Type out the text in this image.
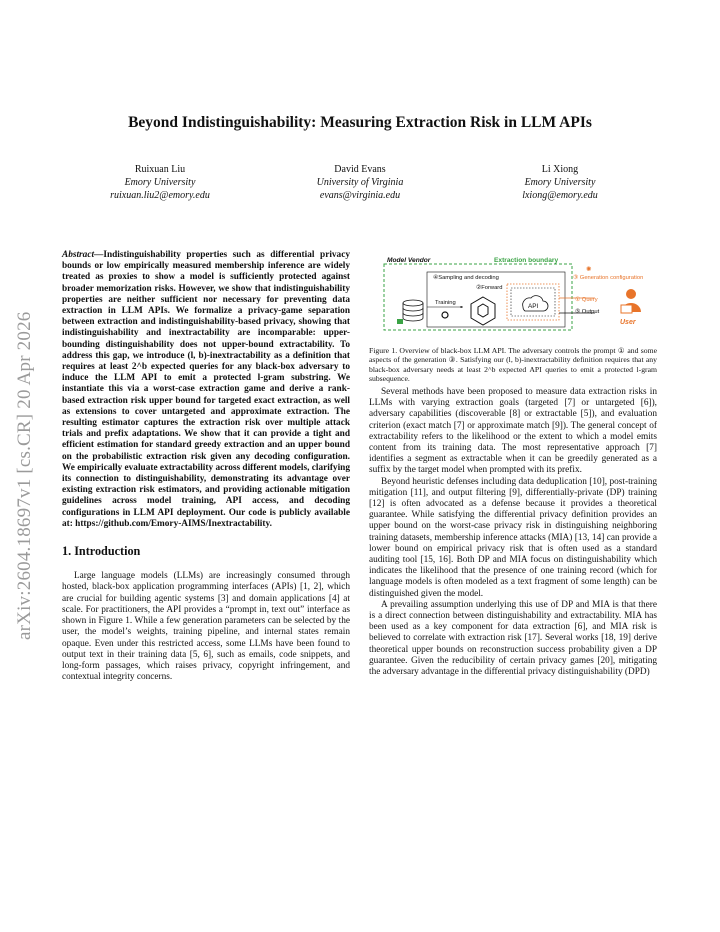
arXiv:2604.18697v1 [cs.CR] 20 Apr 2026
Beyond Indistinguishability: Measuring Extraction Risk in LLM APIs
Ruixuan Liu
Emory University
ruixuan.liu2@emory.edu
David Evans
University of Virginia
evans@virginia.edu
Li Xiong
Emory University
lxiong@emory.edu
Abstract—Indistinguishability properties such as differential privacy bounds or low empirically measured membership inference are widely treated as proxies to show a model is sufficiently protected against broader memorization risks. However, we show that indistinguishability properties are neither sufficient nor necessary for preventing data extraction in LLM APIs. We formalize a privacy-game separation between extraction and indistinguishability-based privacy, showing that indistinguishability and inextractability are incomparable: upper-bounding distinguishability does not upper-bound extractability. To address this gap, we introduce (l, b)-inextractability as a definition that requires at least 2^b expected queries for any black-box adversary to induce the LLM API to emit a protected l-gram substring. We instantiate this via a worst-case extraction game and derive a rank-based extraction risk upper bound for targeted exact extraction, as well as extensions to cover untargeted and approximate extraction. The resulting estimator captures the extraction risk over multiple attack trials and prefix adaptations. We show that it can provide a tight and efficient estimation for standard greedy extraction and an upper bound on the probabilistic extraction risk given any decoding configuration. We empirically evaluate extractability across different models, clarifying its connection to distinguishability, demonstrating its advantage over existing extraction risk estimators, and providing actionable mitigation guidelines across model training, API access, and decoding configurations in LLM API deployment. Our code is publicly available at: https://github.com/Emory-AIMS/Inextractability.
1. Introduction

Large language models (LLMs) are increasingly consumed through hosted, black-box application programming interfaces (APIs) [1, 2], which are crucial for building agentic systems [3] and domain applications [4] at scale. For practitioners, the API provides a “prompt in, text out” interface as shown in Figure 1. While a few generation parameters can be selected by the user, the model’s weights, training pipeline, and internal states remain opaque. Even under this restricted access, some LLMs have been found to output text in their training data [5, 6], such as emails, code snippets, and long-form passages, which raises privacy, copyright infringement, and contextual integrity concerns.

Model Vendor	Extraction boundary
④Sampling and decoding
②Forward
Training	API
✺
③ Generation configuration
① Query
⑤ Output
User
Figure 1. Overview of black-box LLM API. The adversary controls the prompt ① and some aspects of the generation ③. Satisfying our (l, b)-inextractability definition requires that any black-box adversary needs at least 2^b expected API queries to emit a protected l-gram subsequence.

Several methods have been proposed to measure data extraction risks in LLMs with varying extraction goals (targeted [7] or untargeted [6]), adversary capabilities (discoverable [8] or extractable [5]), and evaluation criterion (exact match [7] or approximate match [9]). The general concept of extractability refers to the likelihood or the extent to which a model emits content from its training data. The most representative approach [7] identifies a segment as extractable when it can be greedily generated as a suffix by the target model when prompted with its prefix.

Beyond heuristic defenses including data deduplication [10], post-training mitigation [11], and output filtering [9], differentially-private (DP) training [12] is often advocated as a defense because it provides a theoretical guarantee. While satisfying the differential privacy definition provides an upper bound on the worst-case privacy risk in distinguishing neighboring training datasets, membership inference attacks (MIA) [13, 14] can provide a lower bound on empirical privacy risk that is often used as a standard auditing tool [15, 16]. Both DP and MIA focus on distinguishability which indicates the likelihood that the presence of one training record (which for language models is often modeled as a text fragment of some length) can be distinguished given the model.

A prevailing assumption underlying this use of DP and MIA is that there is a direct connection between distinguishability and extractability. MIA has been used as a key component for data extraction [6], and MIA risk is believed to correlate with extraction risk [17]. Several works [18, 19] derive theoretical upper bounds on reconstruction success probability given a DP guarantee. Given the reducibility of certain privacy games [20], mitigating the adversary advantage in the differential privacy distinguishability (DPD)
